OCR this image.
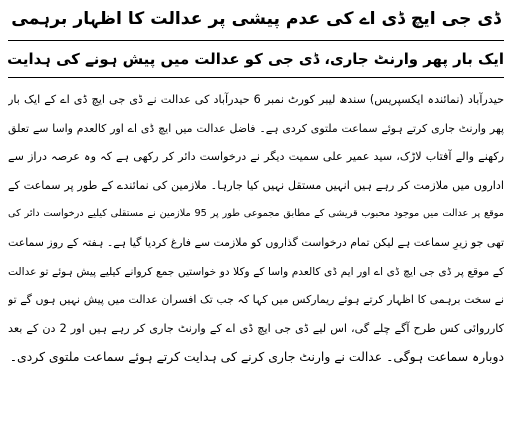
ڈی جی ایچ ڈی اے کی عدم پیشی پر عدالت کا اظہار برہمی
ایک بار پھر وارنٹ جاری، ڈی جی کو عدالت میں پیش ہونے کی ہدایت
حیدرآباد (نمائندہ ایکسپریس) سندھ لیبر کورٹ نمبر 6 حیدرآباد کی عدالت نے ڈی جی ایچ ڈی اے کے ایک بار
پھر وارنٹ جاری کرتے ہوئے سماعت ملتوی کردی ہے۔ فاضل عدالت میں ایچ ڈی اے اور کالعدم واسا سے تعلق
رکھنے والے آفتاب لاڑک، سید عمیر علی سمیت دیگر نے درخواست دائر کر رکھی ہے کہ وہ عرصہ دراز سے
اداروں میں ملازمت کر رہے ہیں انہیں مستقل نہیں کیا جارہا۔ ملازمین کی نمائندے کے طور پر سماعت کے
موقع پر عدالت میں موجود محبوب قریشی کے مطابق مجموعی طور پر 95 ملازمین نے مستقلی کیلیے درخواست دائر کی
تھی جو زیرِ سماعت ہے لیکن تمام درخواست گذاروں کو ملازمت سے فارغ کردیا گیا ہے۔ ہفتہ کے روز سماعت
کے موقع پر ڈی جی ایچ ڈی اے اور ایم ڈی کالعدم واسا کے وکلا دو خواستیں جمع کروانے کیلیے پیش ہوئے تو عدالت
نے سخت برہمی کا اظہار کرتے ہوئے ریمارکس میں کہا کہ جب تک افسران عدالت میں پیش نہیں ہوں گے تو
کارروائی کس طرح آگے چلے گی، اس لیے ڈی جی ایچ ڈی اے کے وارنٹ جاری کر رہے ہیں اور 2 دن کے بعد
دوبارہ سماعت ہوگی۔ عدالت نے وارنٹ جاری کرنے کی ہدایت کرتے ہوئے سماعت ملتوی کردی۔
